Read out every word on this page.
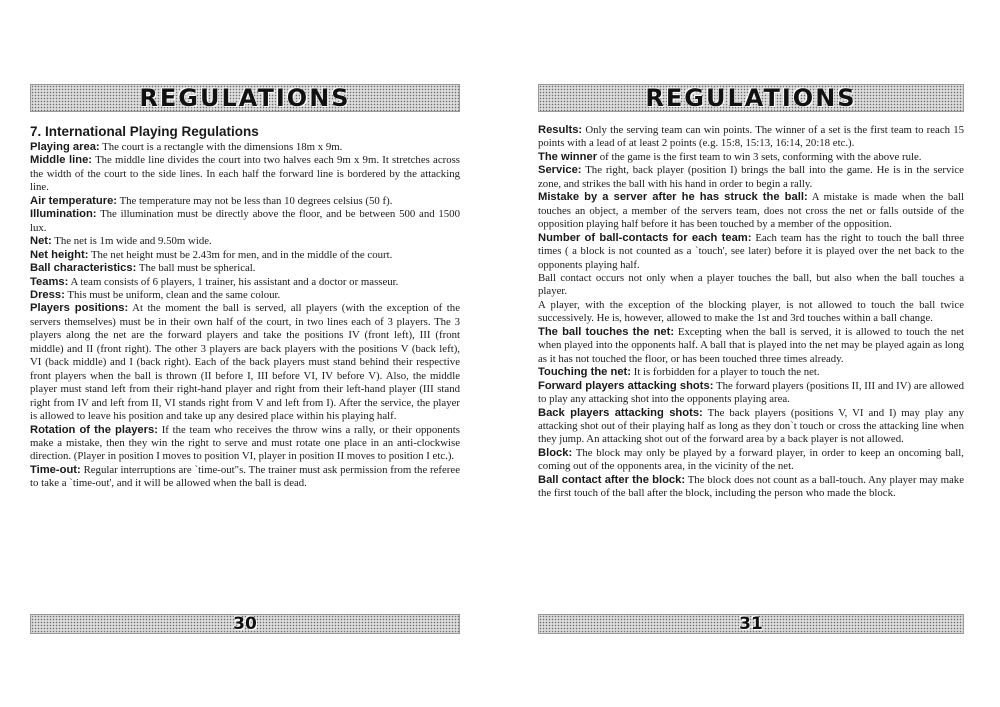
REGULATIONS
7. International Playing Regulations

Playing area: The court is a rectangle with the dimensions 18m x 9m.

Middle line: The middle line divides the court into two halves each 9m x 9m. It stretches across the width of the court to the side lines. In each half the forward line is bordered by the attacking line.

Air temperature: The temperature may not be less than 10 degrees celsius (50 f).

Illumination: The illumination must be directly above the floor, and be between 500 and 1500 lux.

Net: The net is 1m wide and 9.50m wide.

Net height: The net height must be 2.43m for men, and in the middle of the court.

Ball characteristics: The ball must be spherical.

Teams: A team consists of 6 players, 1 trainer, his assistant and a doctor or masseur.

Dress: This must be uniform, clean and the same colour.

Players positions: At the moment the ball is served, all players (with the exception of the servers themselves) must be in their own half of the court, in two lines each of 3 players. The 3 players along the net are the forward players and take the positions IV (front left), III (front middle) and II (front right). The other 3 players are back players with the positions V (back left), VI (back middle) and I (back right). Each of the back players must stand behind their respective front players when the ball is thrown (II before I, III before VI, IV before V). Also, the middle player must stand left from their right-hand player and right from their left-hand player (III stand right from IV and left from II, VI stands right from V and left from I). After the service, the player is allowed to leave his position and take up any desired place within his playing half.

Rotation of the players: If the team who receives the throw wins a rally, or their opponents make a mistake, then they win the right to serve and must rotate one place in an anti-clockwise direction. (Player in position I moves to position VI, player in position II moves to position I etc.).

Time-out: Regular interruptions are `time-out"s. The trainer must ask permission from the referee to take a `time-out', and it will be allowed when the ball is dead.

30
REGULATIONS

Results: Only the serving team can win points. The winner of a set is the first team to reach 15 points with a lead of at least 2 points (e.g. 15:8, 15:13, 16:14, 20:18 etc.).

The winner of the game is the first team to win 3 sets, conforming with the above rule.

Service: The right, back player (position I) brings the ball into the game. He is in the service zone, and strikes the ball with his hand in order to begin a rally.

Mistake by a server after he has struck the ball: A mistake is made when the ball touches an object, a member of the servers team, does not cross the net or falls outside of the opposition playing half before it has been touched by a member of the opposition.

Number of ball-contacts for each team: Each team has the right to touch the ball three times ( a block is not counted as a `touch', see later) before it is played over the net back to the opponents playing half.

Ball contact occurs not only when a player touches the ball, but also when the ball touches a player.

A player, with the exception of the blocking player, is not allowed to touch the ball twice successively. He is, however, allowed to make the 1st and 3rd touches within a ball change.

The ball touches the net: Excepting when the ball is served, it is allowed to touch the net when played into the opponents half. A ball that is played into the net may be played again as long as it has not touched the floor, or has been touched three times already.

Touching the net: It is forbidden for a player to touch the net.

Forward players attacking shots: The forward players (positions II, III and IV) are allowed to play any attacking shot into the opponents playing area.

Back players attacking shots: The back players (positions V, VI and I) may play any attacking shot out of their playing half as long as they don`t touch or cross the attacking line when they jump. An attacking shot out of the forward area by a back player is not allowed.

Block: The block may only be played by a forward player, in order to keep an oncoming ball, coming out of the opponents area, in the vicinity of the net.

Ball contact after the block: The block does not count as a ball-touch. Any player may make the first touch of the ball after the block, including the person who made the block.

31
